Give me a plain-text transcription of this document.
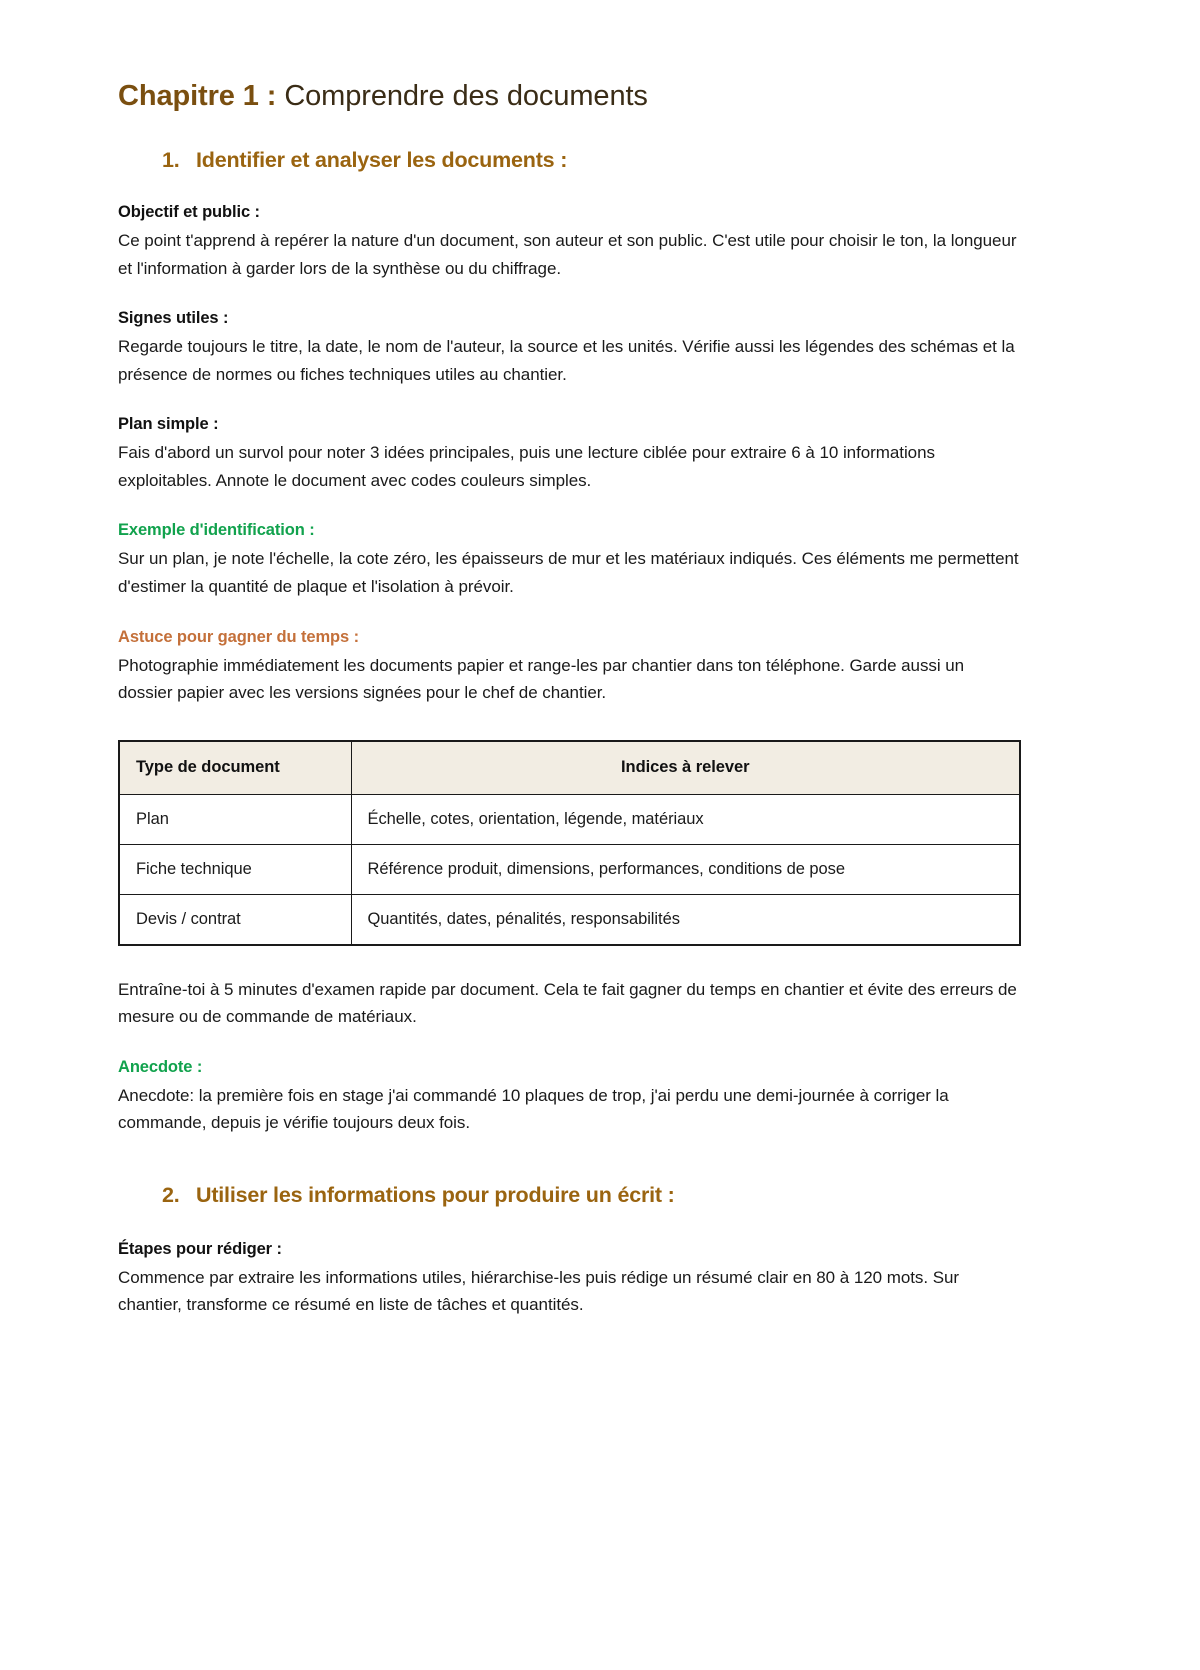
Chapitre 1 : Comprendre des documents
1. Identifier et analyser les documents :
Objectif et public :

Ce point t'apprend à repérer la nature d'un document, son auteur et son public. C'est utile pour choisir le ton, la longueur et l'information à garder lors de la synthèse ou du chiffrage.

Signes utiles :

Regarde toujours le titre, la date, le nom de l'auteur, la source et les unités. Vérifie aussi les légendes des schémas et la présence de normes ou fiches techniques utiles au chantier.

Plan simple :

Fais d'abord un survol pour noter 3 idées principales, puis une lecture ciblée pour extraire 6 à 10 informations exploitables. Annote le document avec codes couleurs simples.

Exemple d'identification :

Sur un plan, je note l'échelle, la cote zéro, les épaisseurs de mur et les matériaux indiqués. Ces éléments me permettent d'estimer la quantité de plaque et l'isolation à prévoir.

Astuce pour gagner du temps :

Photographie immédiatement les documents papier et range-les par chantier dans ton téléphone. Garde aussi un dossier papier avec les versions signées pour le chef de chantier.

Type de document	Indices à relever
Plan	Échelle, cotes, orientation, légende, matériaux
Fiche technique	Référence produit, dimensions, performances, conditions de pose
Devis / contrat	Quantités, dates, pénalités, responsabilités

Entraîne-toi à 5 minutes d'examen rapide par document. Cela te fait gagner du temps en chantier et évite des erreurs de mesure ou de commande de matériaux.

Anecdote :

Anecdote: la première fois en stage j'ai commandé 10 plaques de trop, j'ai perdu une demi-journée à corriger la commande, depuis je vérifie toujours deux fois.

2. Utiliser les informations pour produire un écrit :
Étapes pour rédiger :

Commence par extraire les informations utiles, hiérarchise-les puis rédige un résumé clair en 80 à 120 mots. Sur chantier, transforme ce résumé en liste de tâches et quantités.
